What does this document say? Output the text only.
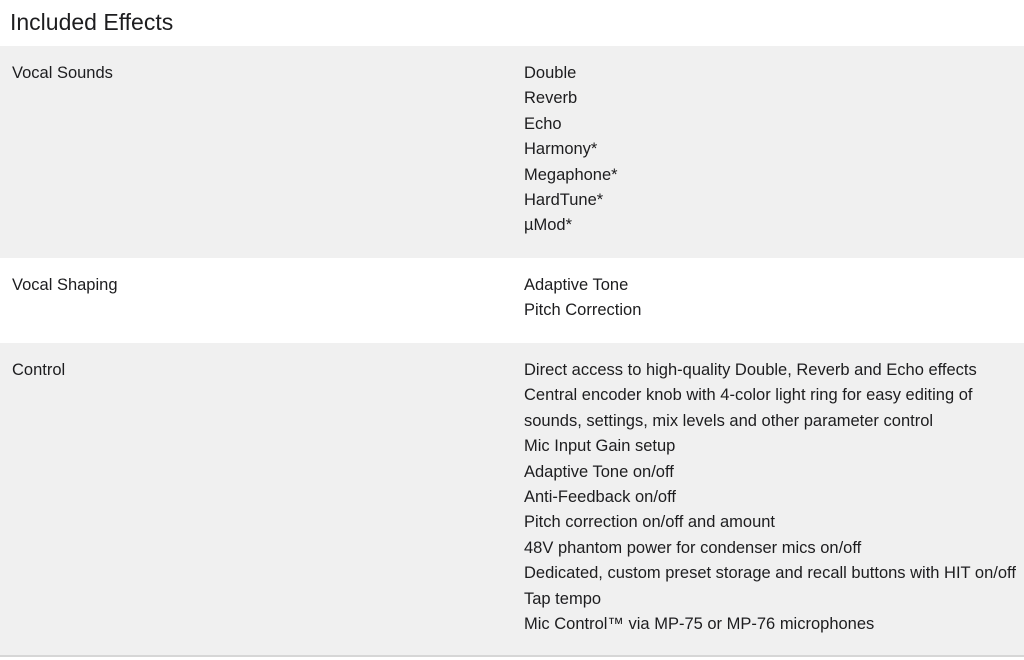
Included Effects
Vocal Sounds	Double
Reverb
Echo
Harmony*
Megaphone*
HardTune*
µMod*
Vocal Shaping	Adaptive Tone
Pitch Correction
Control	Direct access to high-quality Double, Reverb and Echo effects
Central encoder knob with 4-color light ring for easy editing of sounds, settings, mix levels and other parameter control
Mic Input Gain setup
Adaptive Tone on/off
Anti-Feedback on/off
Pitch correction on/off and amount
48V phantom power for condenser mics on/off
Dedicated, custom preset storage and recall buttons with HIT on/off
Tap tempo
Mic Control™ via MP-75 or MP-76 microphones
